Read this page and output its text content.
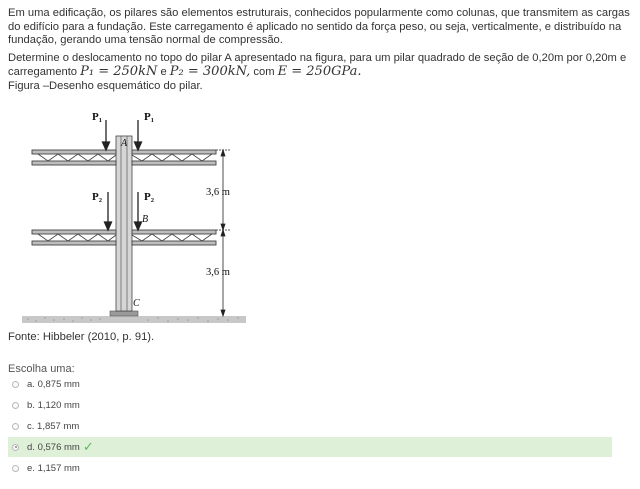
Em uma edificação, os pilares são elementos estruturais, conhecidos popularmente como colunas, que transmitem as cargas do edifício para a fundação. Este carregamento é aplicado no sentido da força peso, ou seja, verticalmente, e distribuído na fundação, gerando uma tensão normal de compressão.

Determine o deslocamento no topo do pilar A apresentado na figura, para um pilar quadrado de seção de 0,20m por 0,20m e carregamento P₁ = 250kN e P₂ = 300kN, com E = 250GPa.

Figura –Desenho esquemático do pilar.

P₁	P₁
A
P₂	P₂
B
C
3,6 m
3,6 m
Fonte: Hibbeler (2010, p. 91).
Escolha uma:
a.
0,875 mm
b.
1,120 mm
c.
1,857 mm
d.
0,576 mm ✓
e.
1,157 mm
